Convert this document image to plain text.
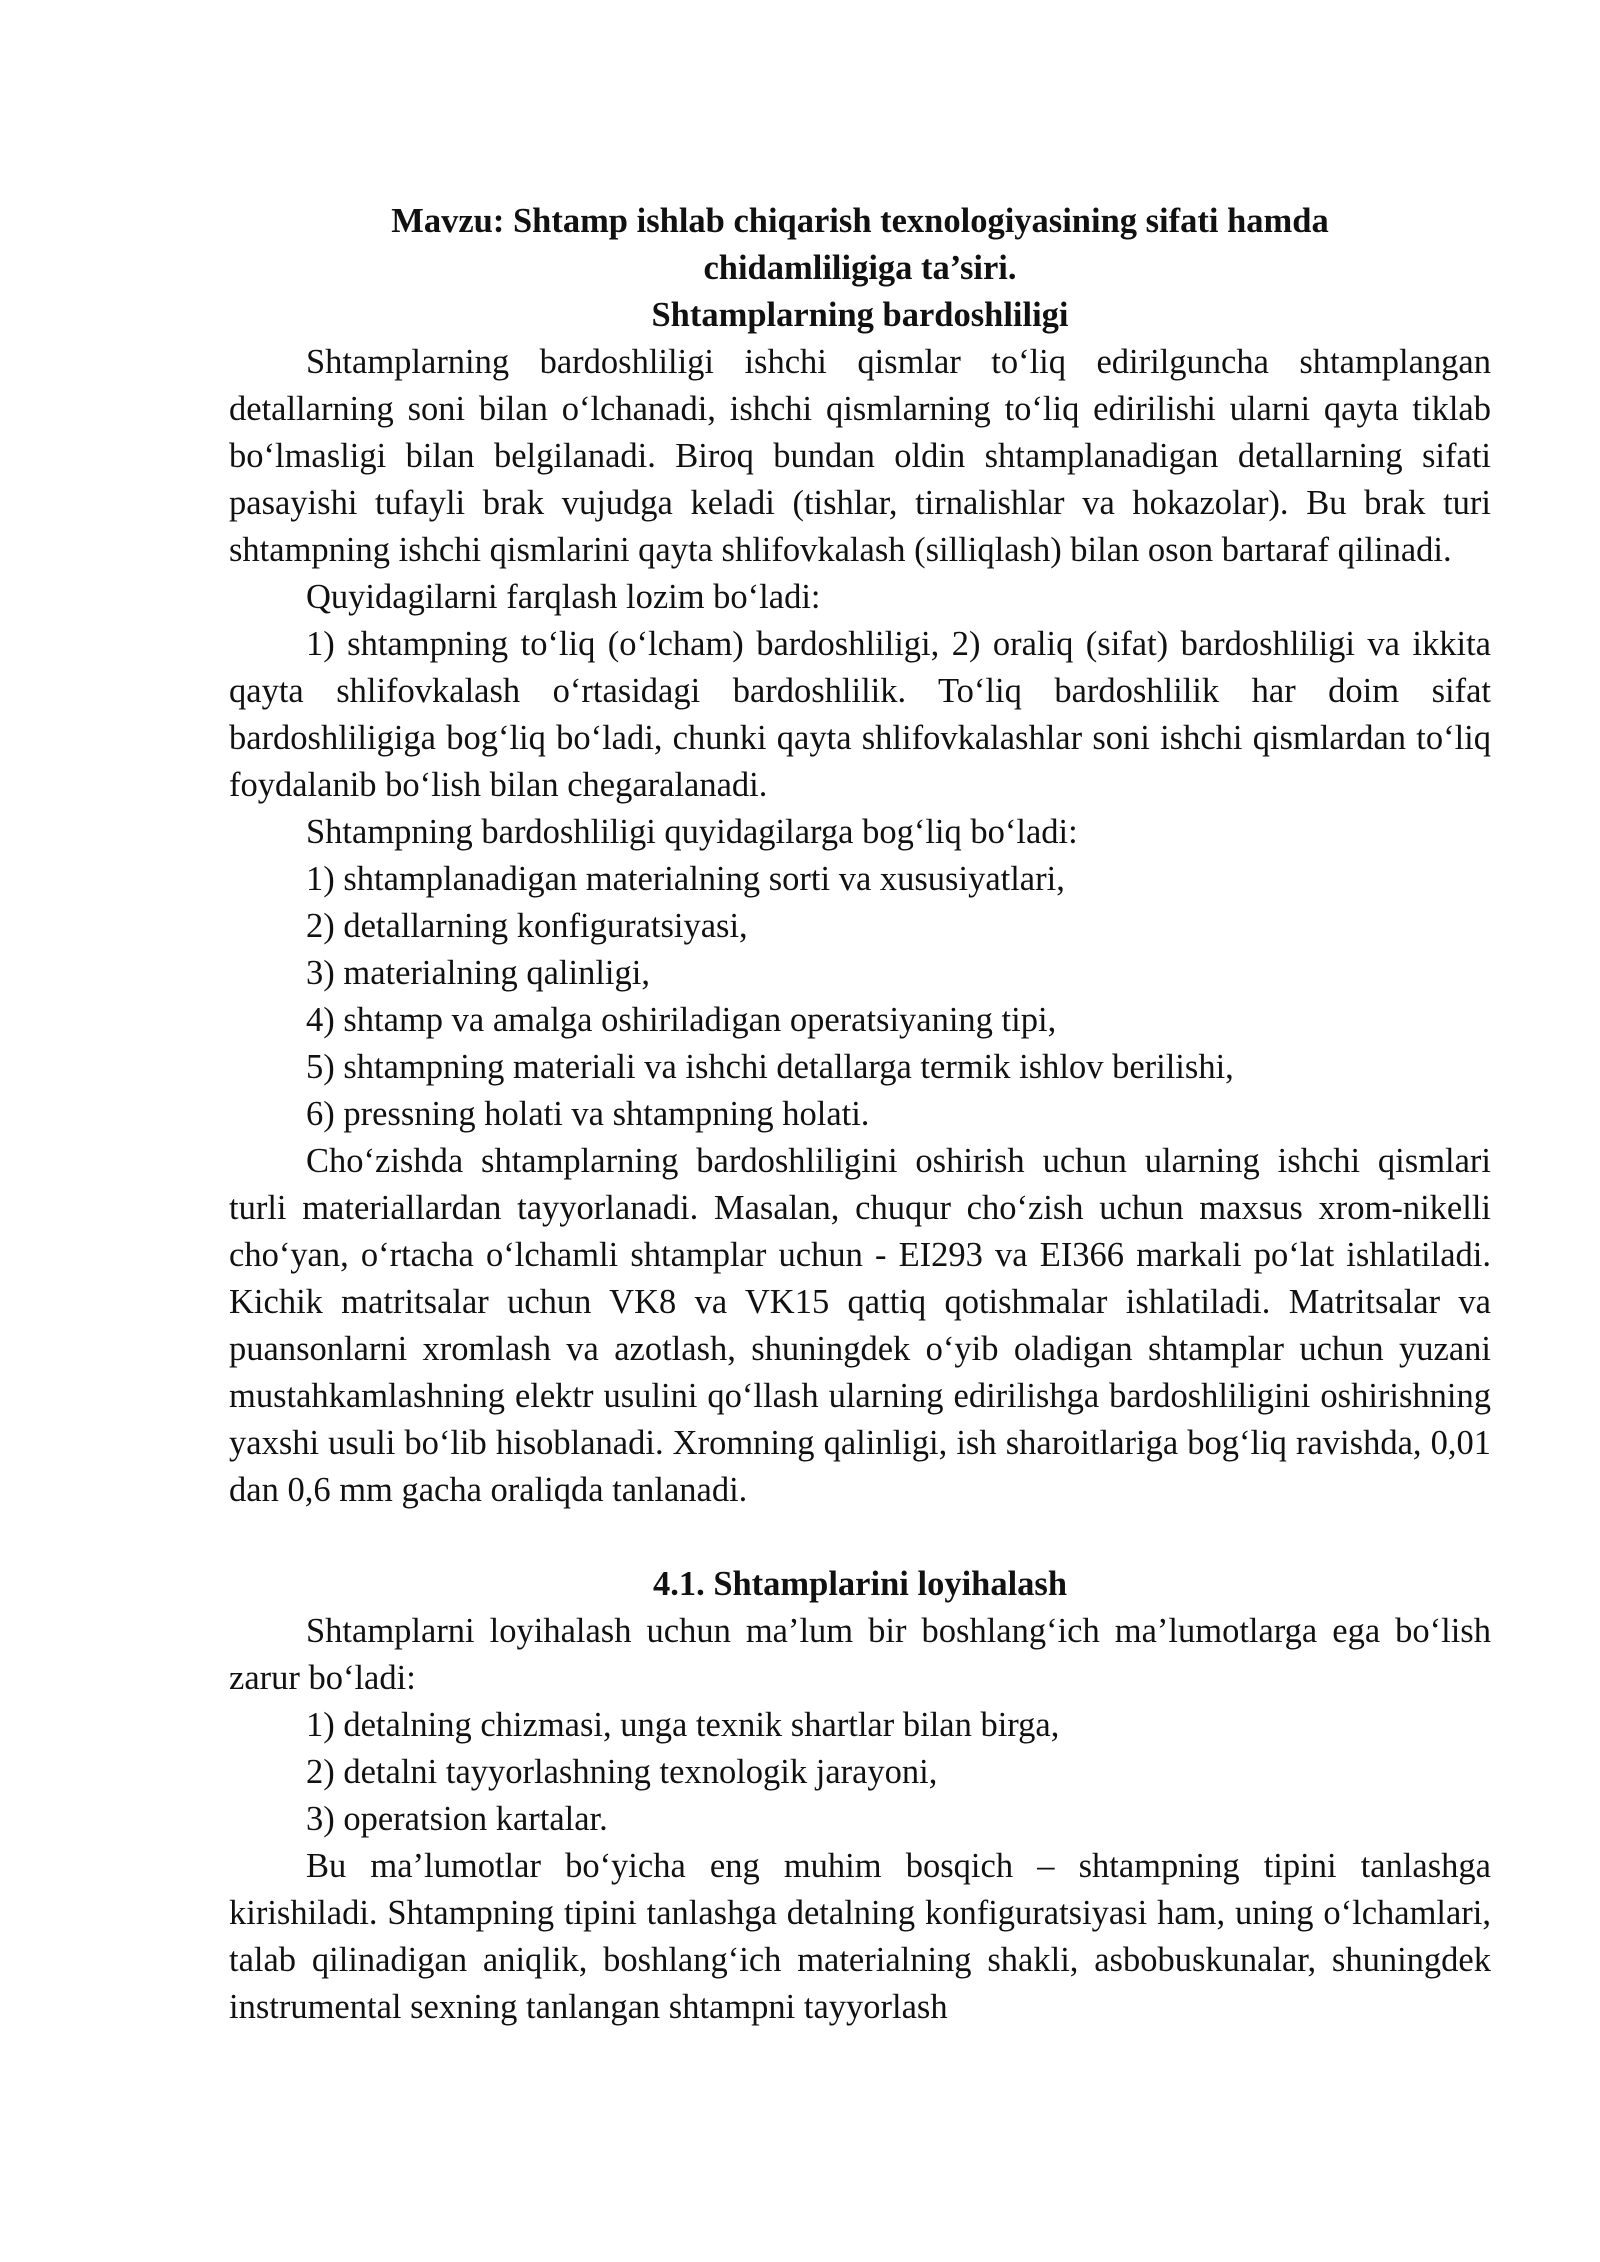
Mavzu: Shtamp ishlab chiqarish texnologiyasining sifati hamda
chidamliligiga ta’siri.
Shtamplarning bardoshliligi
Shtamplarning bardoshliligi ishchi qismlar to‘liq edirilguncha shtamplangan detallarning soni bilan o‘lchanadi, ishchi qismlarning to‘liq edirilishi ularni qayta tiklab bo‘lmasligi bilan belgilanadi. Biroq bundan oldin shtamplanadigan detallarning sifati pasayishi tufayli brak vujudga keladi (tishlar, tirnalishlar va hokazolar). Bu brak turi shtampning ishchi qismlarini qayta shlifovkalash (silliqlash) bilan oson bartaraf qilinadi.
Quyidagilarni farqlash lozim bo‘ladi:
1) shtampning to‘liq (o‘lcham) bardoshliligi, 2) oraliq (sifat) bardoshliligi va ikkita qayta shlifovkalash o‘rtasidagi bardoshlilik. To‘liq bardoshlilik har doim sifat bardoshliligiga bog‘liq bo‘ladi, chunki qayta shlifovkalashlar soni ishchi qismlardan to‘liq foydalanib bo‘lish bilan chegaralanadi.
Shtampning bardoshliligi quyidagilarga bog‘liq bo‘ladi:
1) shtamplanadigan materialning sorti va xususiyatlari,
2) detallarning konfiguratsiyasi,
3) materialning qalinligi,
4) shtamp va amalga oshiriladigan operatsiyaning tipi,
5) shtampning materiali va ishchi detallarga termik ishlov berilishi,
6) pressning holati va shtampning holati.
Cho‘zishda shtamplarning bardoshliligini oshirish uchun ularning ishchi qismlari turli materiallardan tayyorlanadi. Masalan, chuqur cho‘zish uchun maxsus xrom-nikelli cho‘yan, o‘rtacha o‘lchamli shtamplar uchun - EI293 va EI366 markali po‘lat ishlatiladi. Kichik matritsalar uchun VK8 va VK15 qattiq qotishmalar ishlatiladi. Matritsalar va puansonlarni xromlash va azotlash, shuningdek o‘yib oladigan shtamplar uchun yuzani mustahkamlashning elektr usulini qo‘llash ularning edirilishga bardoshliligini oshirishning yaxshi usuli bo‘lib hisoblanadi. Xromning qalinligi, ish sharoitlariga bog‘liq ravishda, 0,01 dan 0,6 mm gacha oraliqda tanlanadi.
4.1. Shtamplarini loyihalash
Shtamplarni loyihalash uchun ma’lum bir boshlang‘ich ma’lumotlarga ega bo‘lish zarur bo‘ladi:
1) detalning chizmasi, unga texnik shartlar bilan birga,
2) detalni tayyorlashning texnologik jarayoni,
3) operatsion kartalar.
Bu ma’lumotlar bo‘yicha eng muhim bosqich – shtampning tipini tanlashga kirishiladi. Shtampning tipini tanlashga detalning konfiguratsiyasi ham, uning o‘lchamlari, talab qilinadigan aniqlik, boshlang‘ich materialning shakli, asbobuskunalar, shuningdek instrumental sexning tanlangan shtampni tayyorlash
